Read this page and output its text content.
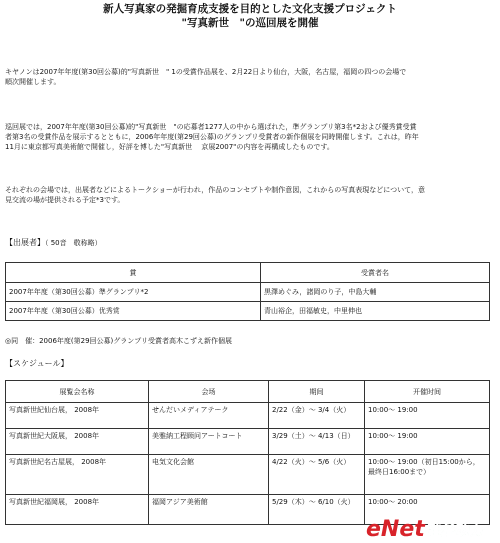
新人写真家の発掘育成支援を目的とした文化支援プロジェクト
"写真新世　"の巡回展を開催
キヤノンは2007年年度(第30回公募)的"写真新世　" 1の受賞作品展を、2月22日より仙台，大阪，名古屋，福岡の四つの会場で
順次開催します。
巡回展では，2007年年度(第30回公募)的"写真新世　"の応募者1277人の中から選ばれた，準グランプリ第3名*2および優秀賞受賞
者第3名の受賞作品を展示するとともに，2006年年度(第29回公募)のグランプリ受賞者の新作個展を同時開催します。これは，昨年
11月に東京都写真美術館で開催し，好評を博した"写真新世　 京展2007"の内容を再構成したものです。
それぞれの会場では，出展者などによるトークショーが行われ，作品のコンセプトや制作意図，これからの写真表現などについて，意
見交流の場が提供される予定*3です。
【出展者】（ 50音　敬称略）
賞	受賞者名
2007年年度（第30回公募）準グランプリ*2	黒澤めぐみ，諸岡のり子，中島大輔
2007年年度（第30回公募）优秀赏	青山裕企，田福敏史，中里伸也
◎同　催：2006年度(第29回公募)グランプリ受賞者高木こずえ新作個展
【スケジュール】
展覧会名称	会场	期间	开催时间
写真新世紀仙台展， 2008年	せんだいメディアテーク	2/22（金）～ 3/4（火）	10:00～ 19:00
写真新世紀大阪展， 2008年	美雅納工程顾问アートコート	3/29（土）～ 4/13（日）	10:00～ 19:00
写真新世紀名古屋展， 2008年	电気文化会館	4/22（火）～ 5/6（火）	10:00～ 19:00（初日15:00から，最终日16:00まで）
写真新世紀福岡展， 2008年	福岡アジア美術館	5/29（木）～ 6/10（火）	10:00～ 20:00
eNet 硅谷动力
